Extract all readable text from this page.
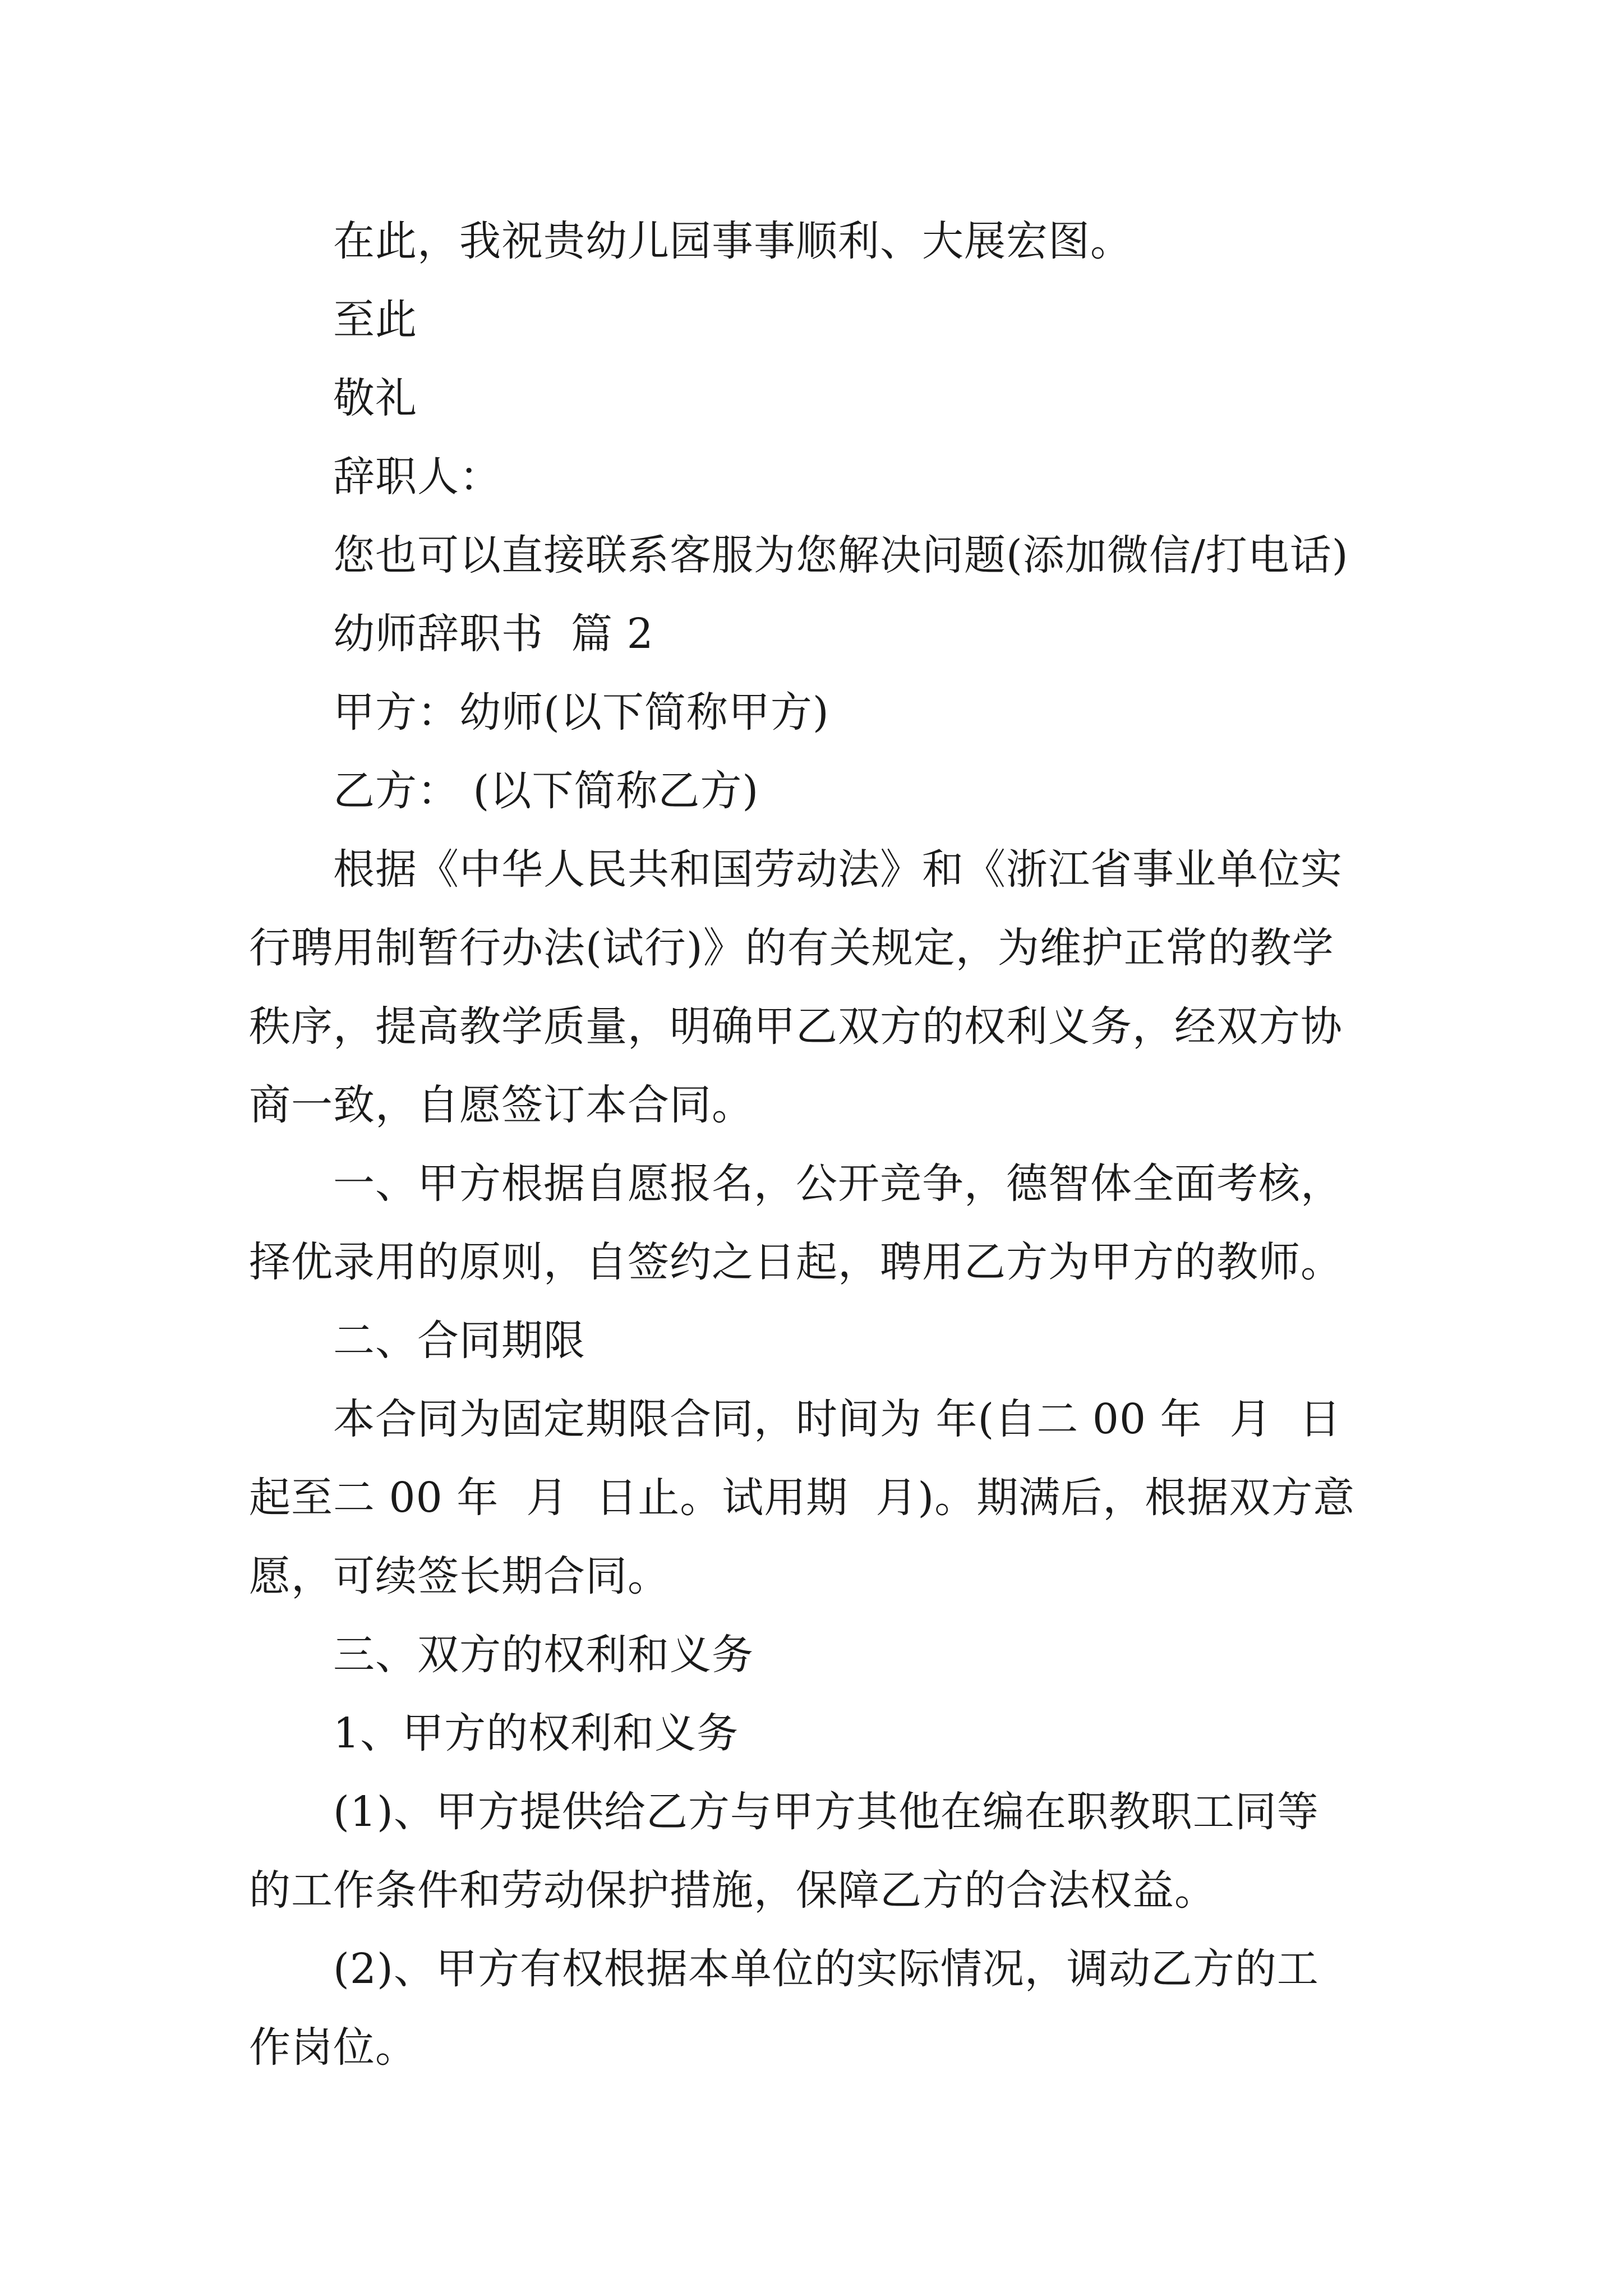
在此，我祝贵幼儿园事事顺利、大展宏图。

至此

敬礼

辞职人：

您也可以直接联系客服为您解决问题(添加微信/打电话)

幼师辞职书  篇 2

甲方：幼师(以下简称甲方)

乙方： (以下简称乙方)

根据《中华人民共和国劳动法》和《浙江省事业单位实

行聘用制暂行办法(试行)》的有关规定，为维护正常的教学

秩序，提高教学质量，明确甲乙双方的权利义务，经双方协

商一致，自愿签订本合同。

一、甲方根据自愿报名，公开竞争，德智体全面考核，

择优录用的原则，自签约之日起，聘用乙方为甲方的教师。

二、合同期限

本合同为固定期限合同，时间为 年(自二 00 年  月  日

起至二 00 年  月  日止。试用期  月)。期满后，根据双方意

愿，可续签长期合同。

三、双方的权利和义务

1、甲方的权利和义务

(1)、甲方提供给乙方与甲方其他在编在职教职工同等

的工作条件和劳动保护措施，保障乙方的合法权益。

(2)、甲方有权根据本单位的实际情况，调动乙方的工

作岗位。
